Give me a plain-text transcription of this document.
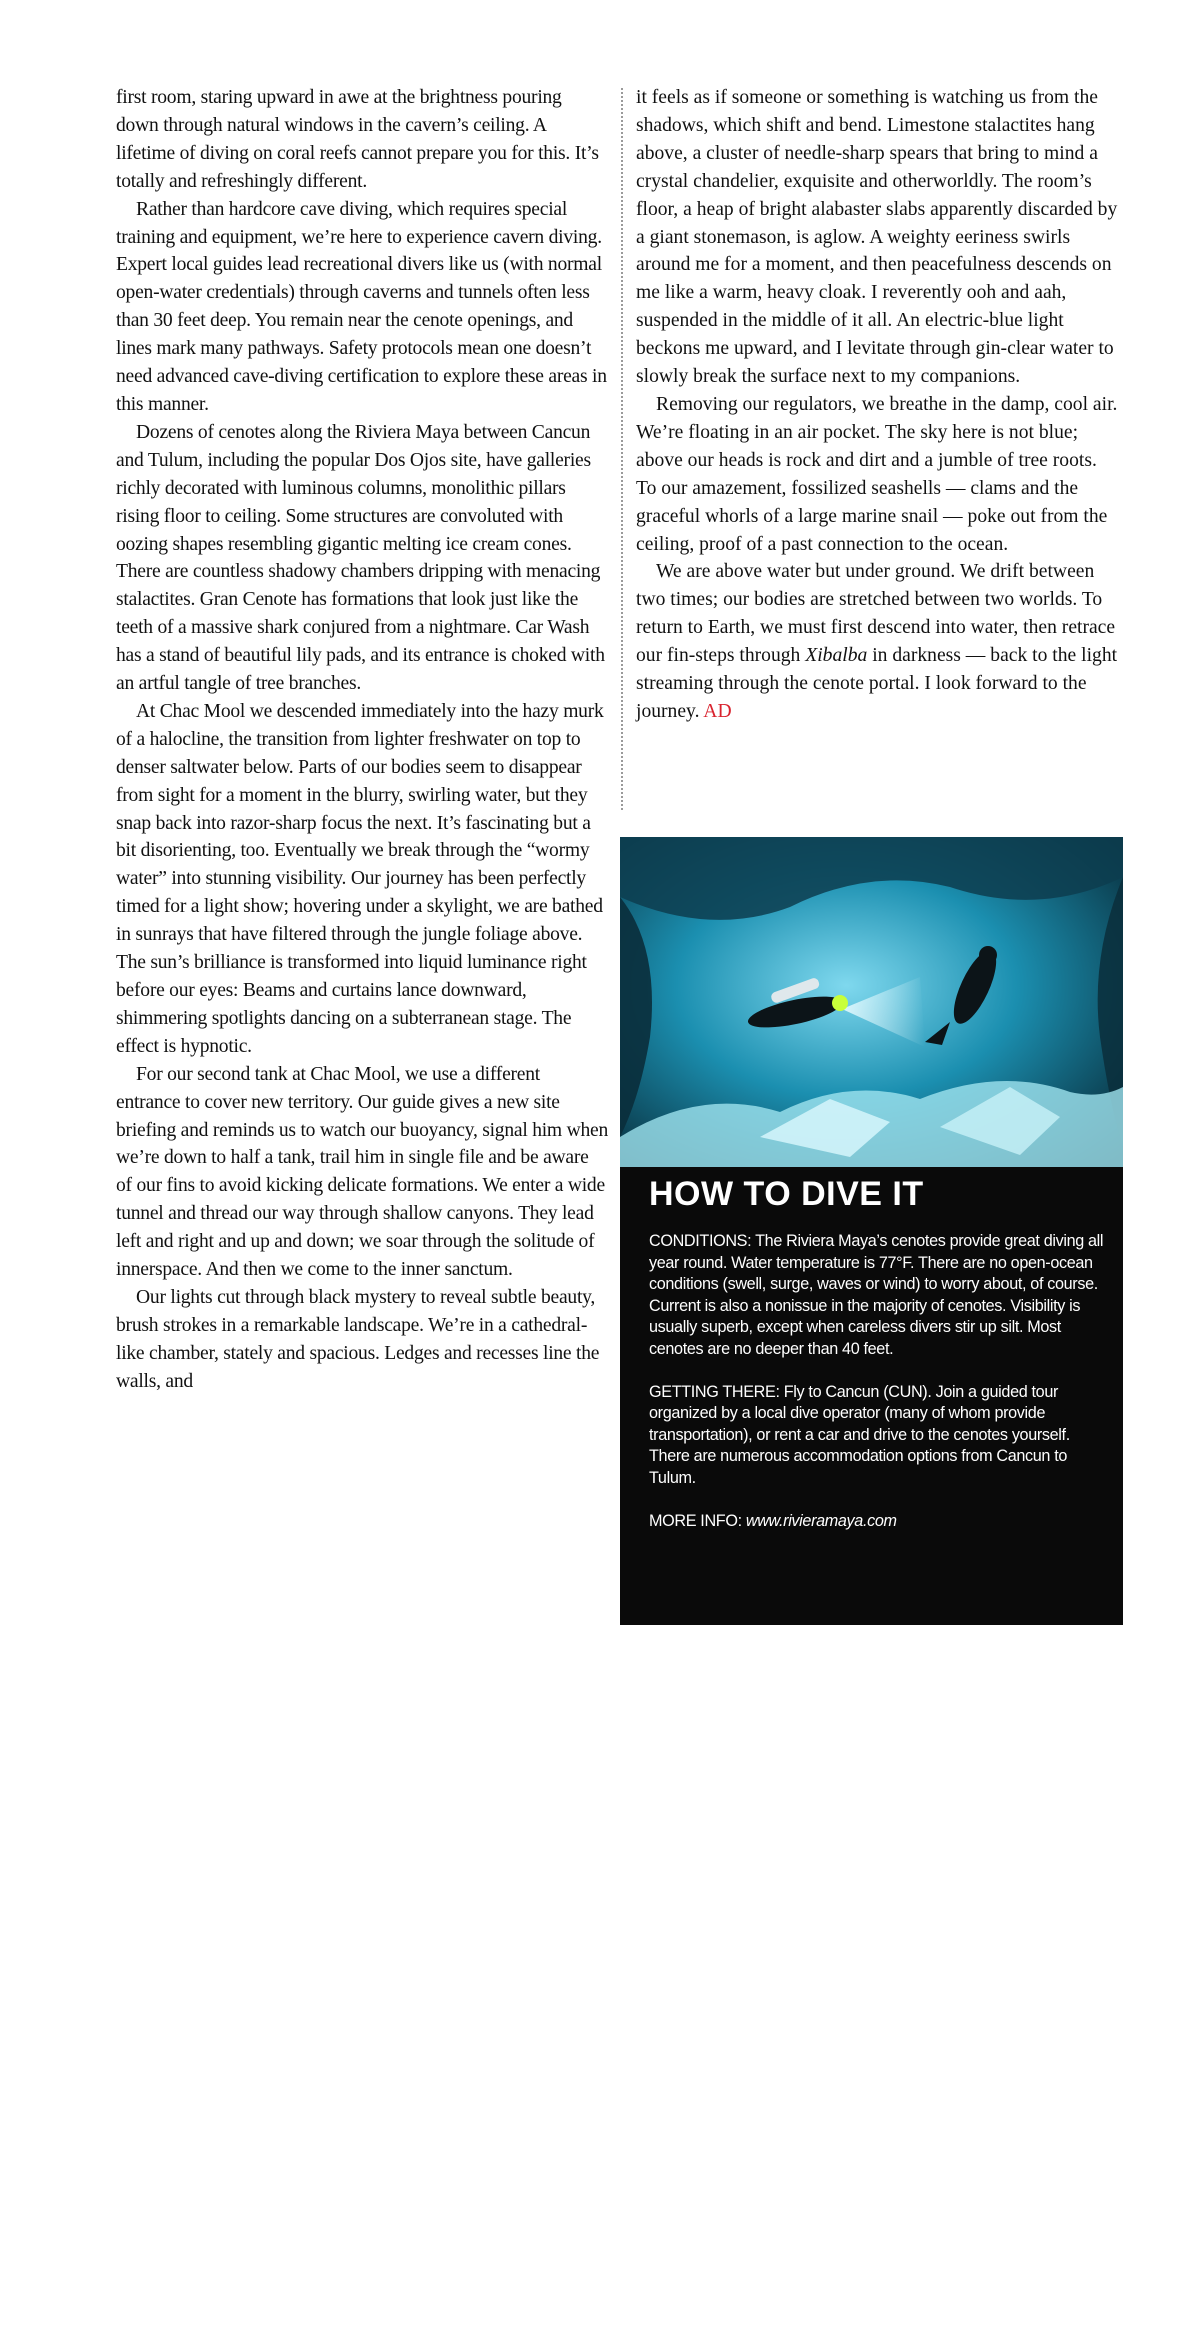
first room, staring upward in awe at the brightness pouring down through natural windows in the cavern’s ceiling. A lifetime of diving on coral reefs cannot prepare you for this. It’s totally and refreshingly different.

Rather than hardcore cave diving, which requires special training and equipment, we’re here to experience cavern diving. Expert local guides lead recreational divers like us (with normal open-water credentials) through caverns and tunnels often less than 30 feet deep. You remain near the cenote openings, and lines mark many pathways. Safety protocols mean one doesn’t need advanced cave-diving certification to explore these areas in this manner.

Dozens of cenotes along the Riviera Maya between Cancun and Tulum, including the popular Dos Ojos site, have galleries richly decorated with luminous columns, monolithic pillars rising floor to ceiling. Some structures are convoluted with oozing shapes resembling gigantic melting ice cream cones. There are countless shadowy chambers dripping with menacing stalactites. Gran Cenote has formations that look just like the teeth of a massive shark conjured from a nightmare. Car Wash has a stand of beautiful lily pads, and its entrance is choked with an artful tangle of tree branches.

At Chac Mool we descended immediately into the hazy murk of a halocline, the transition from lighter freshwater on top to denser saltwater below. Parts of our bodies seem to disappear from sight for a moment in the blurry, swirling water, but they snap back into razor-sharp focus the next. It’s fascinating but a bit disorienting, too. Eventually we break through the “wormy water” into stunning visibility. Our journey has been perfectly timed for a light show; hovering under a skylight, we are bathed in sunrays that have filtered through the jungle foliage above. The sun’s brilliance is transformed into liquid luminance right before our eyes: Beams and curtains lance downward, shimmering spotlights dancing on a subterranean stage. The effect is hypnotic.

For our second tank at Chac Mool, we use a different entrance to cover new territory. Our guide gives a new site briefing and reminds us to watch our buoyancy, signal him when we’re down to half a tank, trail him in single file and be aware of our fins to avoid kicking delicate formations. We enter a wide tunnel and thread our way through shallow canyons. They lead left and right and up and down; we soar through the solitude of innerspace. And then we come to the inner sanctum.

Our lights cut through black mystery to reveal subtle beauty, brush strokes in a remarkable landscape. We’re in a cathedral-like chamber, stately and spacious. Ledges and recesses line the walls, and

it feels as if someone or something is watching us from the shadows, which shift and bend. Limestone stalactites hang above, a cluster of needle-sharp spears that bring to mind a crystal chandelier, exquisite and otherworldly. The room’s floor, a heap of bright alabaster slabs apparently discarded by a giant stonemason, is aglow. A weighty eeriness swirls around me for a moment, and then peacefulness descends on me like a warm, heavy cloak. I reverently ooh and aah, suspended in the middle of it all. An electric-blue light beckons me upward, and I levitate through gin-clear water to slowly break the surface next to my companions.

Removing our regulators, we breathe in the damp, cool air. We’re floating in an air pocket. The sky here is not blue; above our heads is rock and dirt and a jumble of tree roots. To our amazement, fossilized seashells — clams and the graceful whorls of a large marine snail — poke out from the ceiling, proof of a past connection to the ocean.

We are above water but under ground. We drift between two times; our bodies are stretched between two worlds. To return to Earth, we must first descend into water, then retrace our fin-steps through Xibalba in darkness — back to the light streaming through the cenote portal. I look forward to the journey. AD

HOW TO DIVE IT

CONDITIONS: The Riviera Maya’s cenotes provide great diving all year round. Water temperature is 77°F. There are no open-ocean conditions (swell, surge, waves or wind) to worry about, of course. Current is also a nonissue in the majority of cenotes. Visibility is usually superb, except when careless divers stir up silt. Most cenotes are no deeper than 40 feet.

GETTING THERE: Fly to Cancun (CUN). Join a guided tour organized by a local dive operator (many of whom provide transportation), or rent a car and drive to the cenotes yourself. There are numerous accommodation options from Cancun to Tulum.

MORE INFO: www.rivieramaya.com

www.alertdiver.com | 81b
